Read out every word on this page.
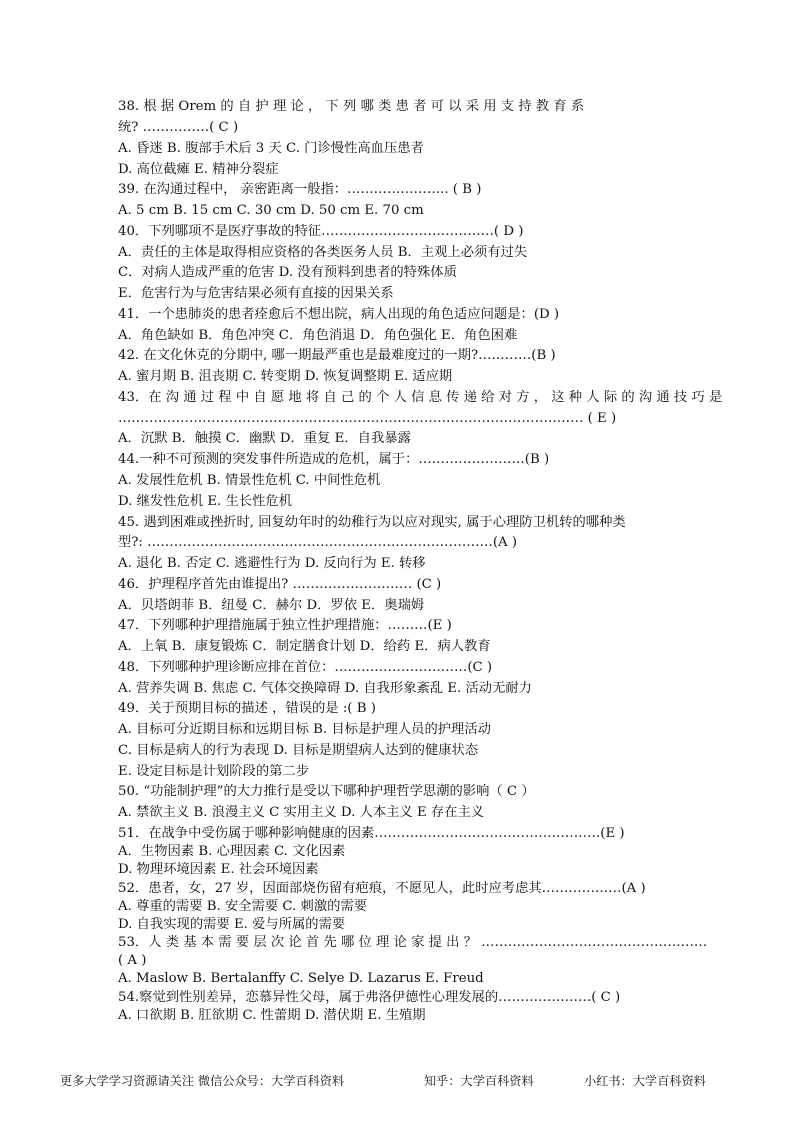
38. 根 据 Orem 的 自 护 理 论 ， 下 列 哪 类 患 者 可 以 采 用 支 持 教 育 系
统? ……………( C )
A. 昏迷 B. 腹部手术后 3 天 C. 门诊慢性高血压患者
D. 高位截瘫 E. 精神分裂症
39. 在沟通过程中， 亲密距离一般指：………………….. ( B )
A. 5 cm B. 15 cm C. 30 cm D. 50 cm E. 70 cm
40．下列哪项不是医疗事故的特征…………………………………( D )
A．责任的主体是取得相应资格的各类医务人员 B．主观上必须有过失
C．对病人造成严重的危害 D. 没有预料到患者的特殊体质
E．危害行为与危害结果必须有直接的因果关系
41．一个患肺炎的患者痊愈后不想出院，病人出现的角色适应问题是：(D )
A．角色缺如 B．角色冲突 C．角色消退 D．角色强化 E．角色困难
42. 在文化休克的分期中, 哪一期最严重也是最难度过的一期?…………(B )
A. 蜜月期 B. 沮丧期 C. 转变期 D. 恢复调整期 E. 适应期
43．在 沟 通 过 程 中 自 愿 地 将 自 己 的 个 人 信 息 传 递 给 对 方 ， 这 种 人 际 的 沟 通 技 巧 是
…………………………………………………………………………………………… ( E )
A．沉默 B．触摸 C．幽默 D．重复 E．自我暴露
44.一种不可预测的突发事件所造成的危机，属于：……………………(B )
A. 发展性危机 B. 情景性危机 C. 中间性危机
D. 继发性危机 E. 生长性危机
45. 遇到困难或挫折时, 回复幼年时的幼稚行为以应对现实, 属于心理防卫机转的哪种类
型?: ……………………………………………………………………(A )
A. 退化 B. 否定 C. 逃避性行为 D. 反向行为 E. 转移
46．护理程序首先由谁提出? ……………………… (C )
A．贝塔朗菲 B．纽曼 C．赫尔 D．罗依 E．奥瑞姆
47．下列哪种护理措施属于独立性护理措施：………(E )
A．上氧 B．康复锻炼 C．制定膳食计划 D．给药 E．病人教育
48．下列哪种护理诊断应排在首位：…………………………(C )
A. 营养失调 B. 焦虑 C. 气体交换障碍 D. 自我形象紊乱 E. 活动无耐力
49．关于预期目标的描述 ，错误的是 :( B )
A. 目标可分近期目标和远期目标 B. 目标是护理人员的护理活动
C. 目标是病人的行为表现 D. 目标是期望病人达到的健康状态
E. 设定目标是计划阶段的第二步
50. “功能制护理”的大力推行是受以下哪种护理哲学思潮的影响（ C ）
A. 禁欲主义 B. 浪漫主义 C 实用主义 D. 人本主义 E 存在主义
51．在战争中受伤属于哪种影响健康的因素……………………………………………(E )
A．生物因素 B. 心理因素 C. 文化因素
D. 物理环境因素 E. 社会环境因素
52．患者，女，27 岁，因面部烧伤留有疤痕，不愿见人，此时应考虑其………………(A )
A. 尊重的需要 B. 安全需要 C. 刺激的需要
D. 自我实现的需要 E. 爱与所属的需要
53．人 类 基 本 需 要 层 次 论 首 先 哪 位 理 论 家 提 出 ？ ……………………………………………
( A )
A. Maslow B. Bertalanffy C. Selye D. Lazarus E. Freud
54.察觉到性别差异，恋慕异性父母，属于弗洛伊德性心理发展的…………………( C )
A. 口欲期 B. 肛欲期 C. 性蕾期 D. 潜伏期 E. 生殖期
更多大学学习资源请关注 微信公众号：大学百科资料	知乎：大学百科资料	小红书：大学百科资料
